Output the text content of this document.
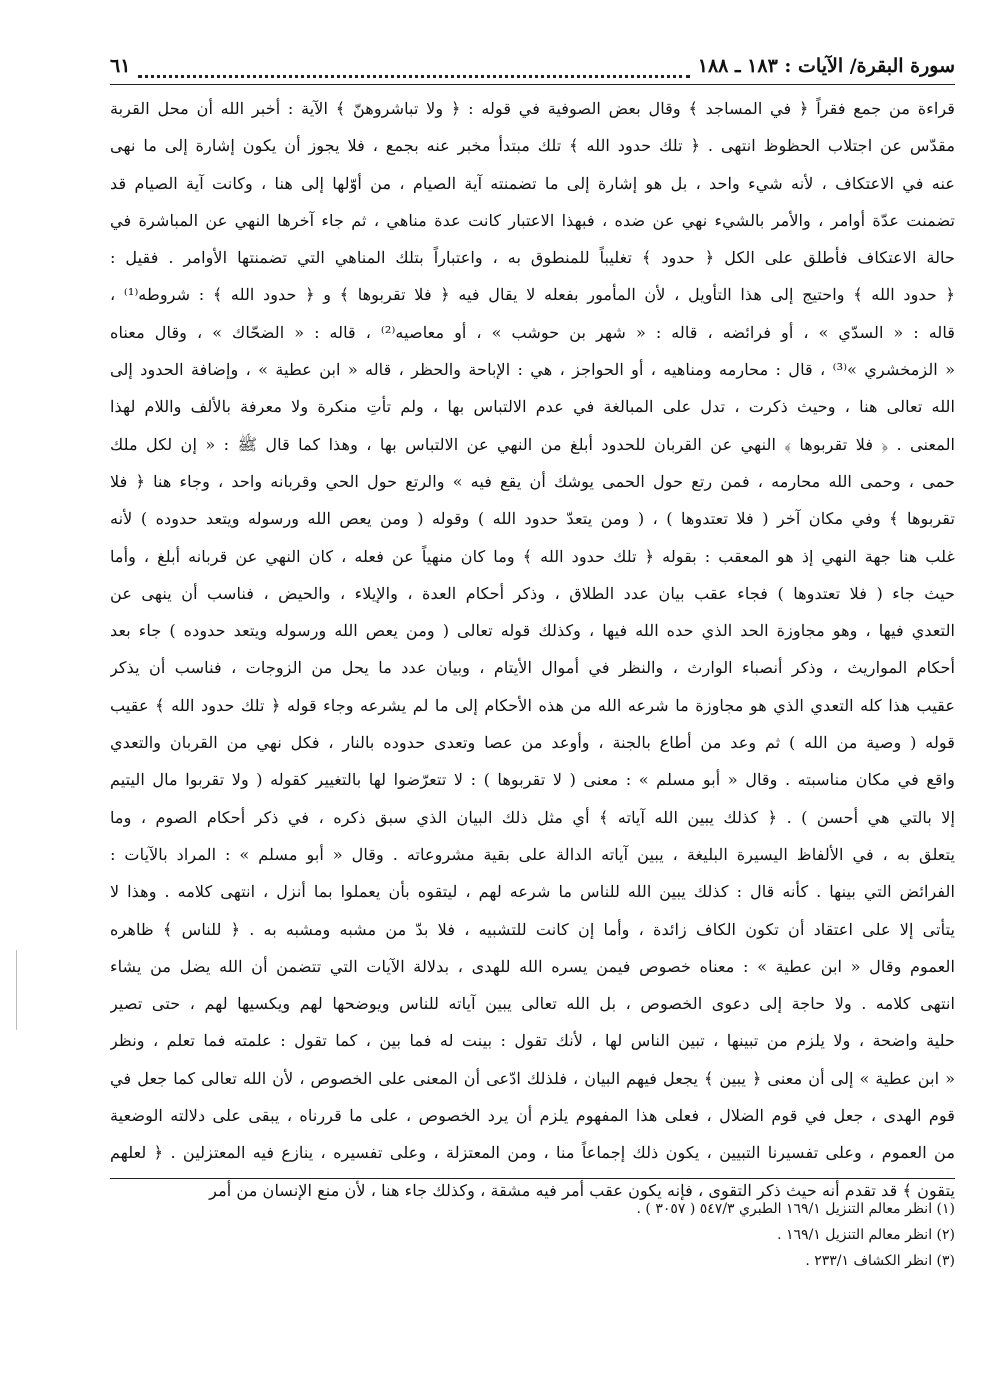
سورة البقرة/ الآيات : ١٨٣ ـ ١٨٨
٦١
قراءة من جمع فقراً ﴿ في المساجد ﴾ وقال بعض الصوفية في قوله : ﴿ ولا تباشروهنّ ﴾ الآية : أخبر الله أن محل القربة
مقدّس عن اجتلاب الحظوظ انتهى . ﴿ تلك حدود الله ﴾ تلك مبتدأ مخبر عنه بجمع ، فلا يجوز أن يكون إشارة إلى ما نهى
عنه في الاعتكاف ، لأنه شيء واحد ، بل هو إشارة إلى ما تضمنته آية الصيام ، من أوّلها إلى هنا ، وكانت آية الصيام قد
تضمنت عدّة أوامر ، والأمر بالشيء نهي عن ضده ، فبهذا الاعتبار كانت عدة مناهي ، ثم جاء آخرها النهي عن المباشرة في
حالة الاعتكاف فأطلق على الكل ﴿ حدود ﴾ تغليباً للمنطوق به ، واعتباراً بتلك المناهي التي تضمنتها الأوامر . فقيل :
﴿ حدود الله ﴾ واحتيج إلى هذا التأويل ، لأن المأمور بفعله لا يقال فيه ﴿ فلا تقربوها ﴾ و ﴿ حدود الله ﴾ : شروطه⁽¹⁾ ،
قاله : « السدّي » ، أو فرائضه ، قاله : « شهر بن حوشب » ، أو معاصيه⁽²⁾ ، قاله : « الضحّاك » ، وقال معناه
« الزمخشري »⁽³⁾ ، قال : محارمه ومناهيه ، أو الحواجز ، هي : الإباحة والحظر ، قاله « ابن عطية » ، وإضافة الحدود إلى
الله تعالى هنا ، وحيث ذكرت ، تدل على المبالغة في عدم الالتباس بها ، ولم تأتِ منكرة ولا معرفة بالألف واللام لهذا
المعنى . ﴿ فلا تقربوها ﴾ النهي عن القربان للحدود أبلغ من النهي عن الالتباس بها ، وهذا كما قال ﷺ : « إن لكل ملك
حمى ، وحمى الله محارمه ، فمن رتع حول الحمى يوشك أن يقع فيه » والرتع حول الحي وقربانه واحد ، وجاء هنا ﴿ فلا
تقربوها ﴾ وفي مكان آخر ( فلا تعتدوها ) ، ( ومن يتعدّ حدود الله ) وقوله ( ومن يعص الله ورسوله ويتعد حدوده ) لأنه
غلب هنا جهة النهي إذ هو المعقب : بقوله ﴿ تلك حدود الله ﴾ وما كان منهياً عن فعله ، كان النهي عن قربانه أبلغ ، وأما
حيث جاء ( فلا تعتدوها ) فجاء عقب بيان عدد الطلاق ، وذكر أحكام العدة ، والإيلاء ، والحيض ، فناسب أن ينهى عن
التعدي فيها ، وهو مجاوزة الحد الذي حده الله فيها ، وكذلك قوله تعالى ( ومن يعص الله ورسوله ويتعد حدوده ) جاء بعد
أحكام المواريث ، وذكر أنصباء الوارث ، والنظر في أموال الأيتام ، وبيان عدد ما يحل من الزوجات ، فناسب أن يذكر
عقيب هذا كله التعدي الذي هو مجاوزة ما شرعه الله من هذه الأحكام إلى ما لم يشرعه وجاء قوله ﴿ تلك حدود الله ﴾ عقيب
قوله ( وصية من الله ) ثم وعد من أطاع بالجنة ، وأوعد من عصا وتعدى حدوده بالنار ، فكل نهي من القربان والتعدي
واقع في مكان مناسبته . وقال « أبو مسلم » : معنى ( لا تقربوها ) : لا تتعرّضوا لها بالتغيير كقوله ( ولا تقربوا مال اليتيم
إلا بالتي هي أحسن ) . ﴿ كذلك يبين الله آياته ﴾ أي مثل ذلك البيان الذي سبق ذكره ، في ذكر أحكام الصوم ، وما
يتعلق به ، في الألفاظ اليسيرة البليغة ، يبين آياته الدالة على بقية مشروعاته . وقال « أبو مسلم » : المراد بالآيات :
الفرائض التي بينها . كأنه قال : كذلك يبين الله للناس ما شرعه لهم ، ليتقوه بأن يعملوا بما أنزل ، انتهى كلامه . وهذا لا
يتأتى إلا على اعتقاد أن تكون الكاف زائدة ، وأما إن كانت للتشبيه ، فلا بدّ من مشبه ومشبه به . ﴿ للناس ﴾ ظاهره
العموم وقال « ابن عطية » : معناه خصوص فيمن يسره الله للهدى ، بدلالة الآيات التي تتضمن أن الله يضل من يشاء
انتهى كلامه . ولا حاجة إلى دعوى الخصوص ، بل الله تعالى يبين آياته للناس ويوضحها لهم ويكسيها لهم ، حتى تصير
حلية واضحة ، ولا يلزم من تبينها ، تبين الناس لها ، لأنك تقول : بينت له فما بين ، كما تقول : علمته فما تعلم ، ونظر
« ابن عطية » إلى أن معنى ﴿ يبين ﴾ يجعل فيهم البيان ، فلذلك ادّعى أن المعنى على الخصوص ، لأن الله تعالى كما جعل في
قوم الهدى ، جعل في قوم الضلال ، فعلى هذا المفهوم يلزم أن يرد الخصوص ، على ما قررناه ، يبقى على دلالته الوضعية
من العموم ، وعلى تفسيرنا التبيين ، يكون ذلك إجماعاً منا ، ومن المعتزلة ، وعلى تفسيره ، ينازع فيه المعتزلين . ﴿ لعلهم
يتقون ﴾ قد تقدم أنه حيث ذكر التقوى ، فإنه يكون عقب أمر فيه مشقة ، وكذلك جاء هنا ، لأن منع الإنسان من أمر
(١) انظر معالم التنزيل ١٦٩/١ الطبري ٥٤٧/٣ ( ٣٠٥٧ ) .
(٢) انظر معالم التنزيل ١٦٩/١ .
(٣) انظر الكشاف ٢٣٣/١ .
